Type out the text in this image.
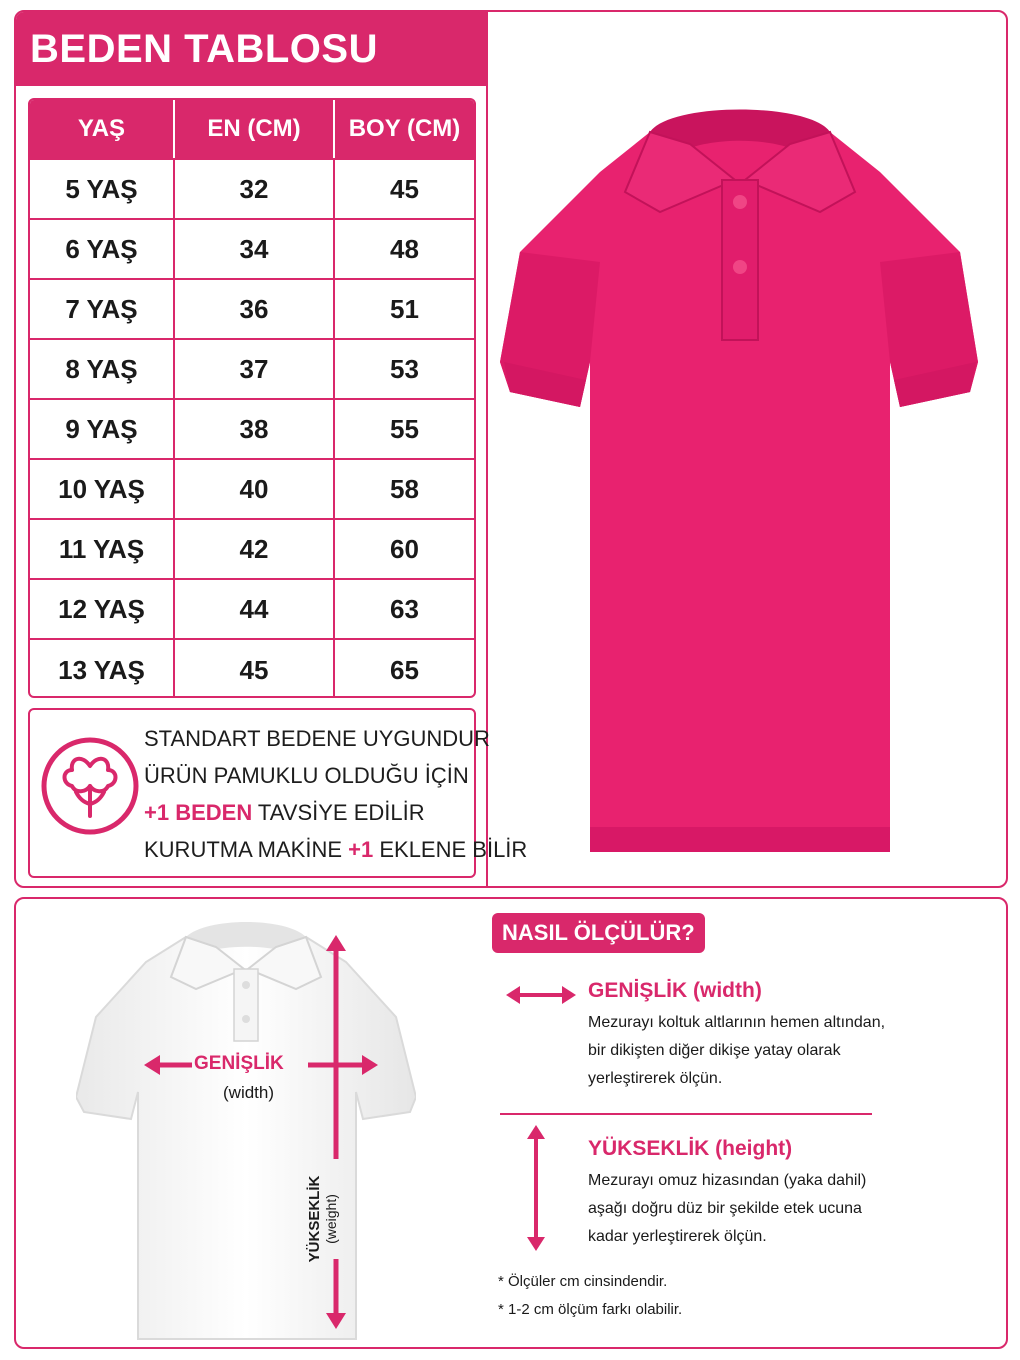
BEDEN TABLOSU
YAŞ	EN (CM)	BOY (CM)
5 YAŞ	32	45
6 YAŞ	34	48
7 YAŞ	36	51
8 YAŞ	37	53
9 YAŞ	38	55
10 YAŞ	40	58
11 YAŞ	42	60
12 YAŞ	44	63
13 YAŞ	45	65
STANDART BEDENE UYGUNDUR
ÜRÜN PAMUKLU OLDUĞU İÇİN
+1 BEDEN TAVSİYE EDİLİR
KURUTMA MAKİNE +1 EKLENE BİLİR
GENİŞLİK
(width)
YÜKSEKLİK (weight)
NASIL ÖLÇÜLÜR?
GENİŞLİK (width)
Mezurayı koltuk altlarının hemen altından, bir dikişten diğer dikişe yatay olarak yerleştirerek ölçün.
YÜKSEKLİK (height)
Mezurayı omuz hizasından (yaka dahil) aşağı doğru düz bir şekilde etek ucuna kadar yerleştirerek ölçün.
* Ölçüler cm cinsindendir.
* 1-2 cm ölçüm farkı olabilir.
